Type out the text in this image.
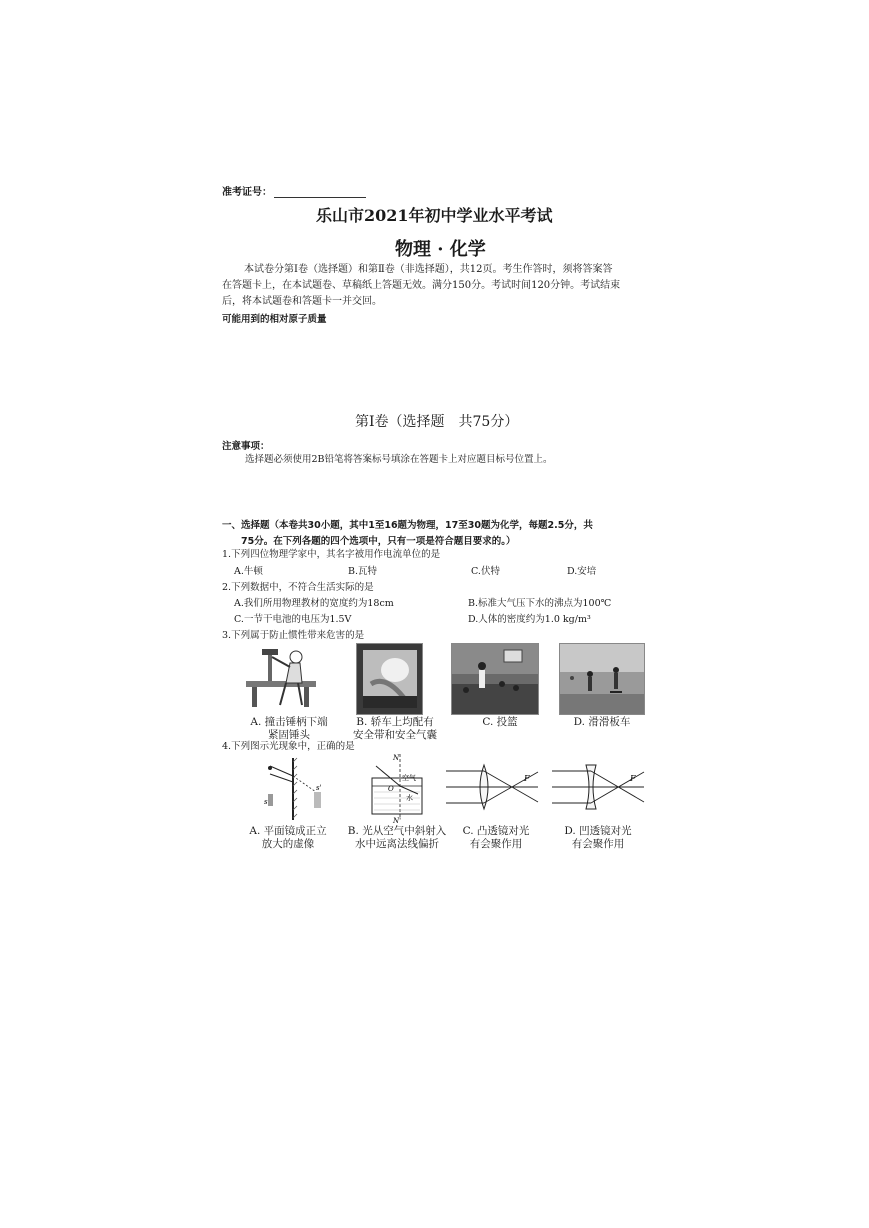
准考证号：
乐山市2021年初中学业水平考试
物理 · 化学
本试卷分第Ⅰ卷（选择题）和第Ⅱ卷（非选择题），共12页。考生作答时，须将答案答
在答题卡上，在本试题卷、草稿纸上答题无效。满分150分。考试时间120分钟。考试结束
后，将本试题卷和答题卡一并交回。
可能用到的相对原子质量
第Ⅰ卷（选择题　共75分）
注意事项：
选择题必须使用2B铅笔将答案标号填涂在答题卡上对应题目标号位置上。
一、选择题（本卷共30小题，其中1至16题为物理，17至30题为化学，每题2.5分，共
75分。在下列各题的四个选项中，只有一项是符合题目要求的。）
1.下列四位物理学家中，其名字被用作电流单位的是
A.牛顿	B.瓦特	C.伏特	D.安培
2.下列数据中，不符合生活实际的是
A.我们所用物理教材的宽度约为18cm	B.标准大气压下水的沸点为100℃
C.一节干电池的电压为1.5V	D.人体的密度约为1.0 kg/m³
3.下列属于防止惯性带来危害的是
A. 撞击锤柄下端
紧固锤头
B. 轿车上均配有
安全带和安全气囊
C. 投篮	D. 滑滑板车
4.下列图示光现象中，正确的是
s
s'
N
N'
O
空气
水
F	F
A. 平面镜成正立
放大的虚像
B. 光从空气中斜射入
水中远离法线偏折
C. 凸透镜对光
有会聚作用
D. 凹透镜对光
有会聚作用
